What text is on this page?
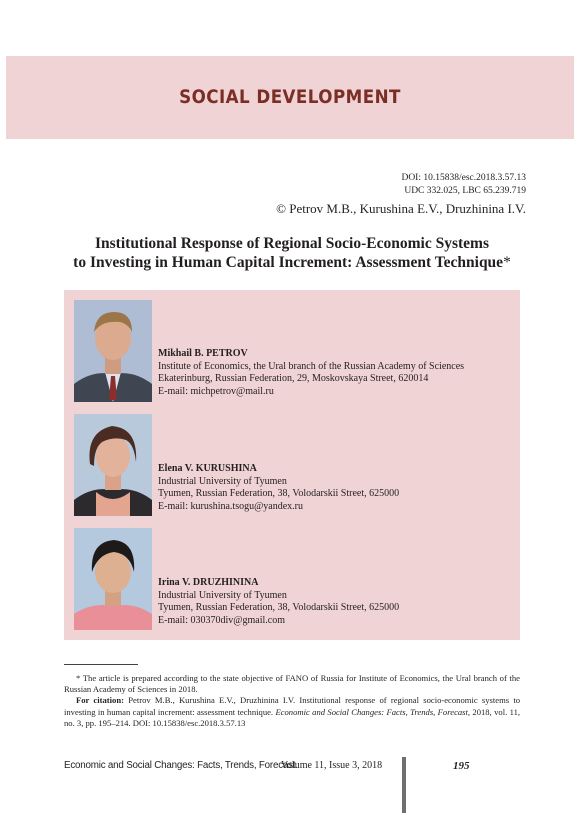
SOCIAL DEVELOPMENT
DOI: 10.15838/esc.2018.3.57.13
UDC 332.025, LBC 65.239.719
© Petrov M.B., Kurushina E.V., Druzhinina I.V.
Institutional Response of Regional Socio-Economic Systems
to Investing in Human Capital Increment: Assessment Technique*
Mikhail B. PETROV
Institute of Economics, the Ural branch of the Russian Academy of Sciences
Ekaterinburg, Russian Federation, 29, Moskovskaya Street, 620014
E-mail: michpetrov@mail.ru
Elena V. KURUSHINA
Industrial University of Tyumen
Tyumen, Russian Federation, 38, Volodarskii Street, 625000
E-mail: kurushina.tsogu@yandex.ru
Irina V. DRUZHININA
Industrial University of Tyumen
Tyumen, Russian Federation, 38, Volodarskii Street, 625000
E-mail: 030370div@gmail.com

* The article is prepared according to the state objective of FANO of Russia for Institute of Economics, the Ural branch of the Russian Academy of Sciences in 2018.

For citation: Petrov M.B., Kurushina E.V., Druzhinina I.V. Institutional response of regional socio-economic systems to investing in human capital increment: assessment technique. Economic and Social Changes: Facts, Trends, Forecast, 2018, vol. 11, no. 3, pp. 195–214. DOI: 10.15838/esc.2018.3.57.13

Economic and Social Changes: Facts, Trends, Forecast
Volume 11, Issue 3, 2018	195
